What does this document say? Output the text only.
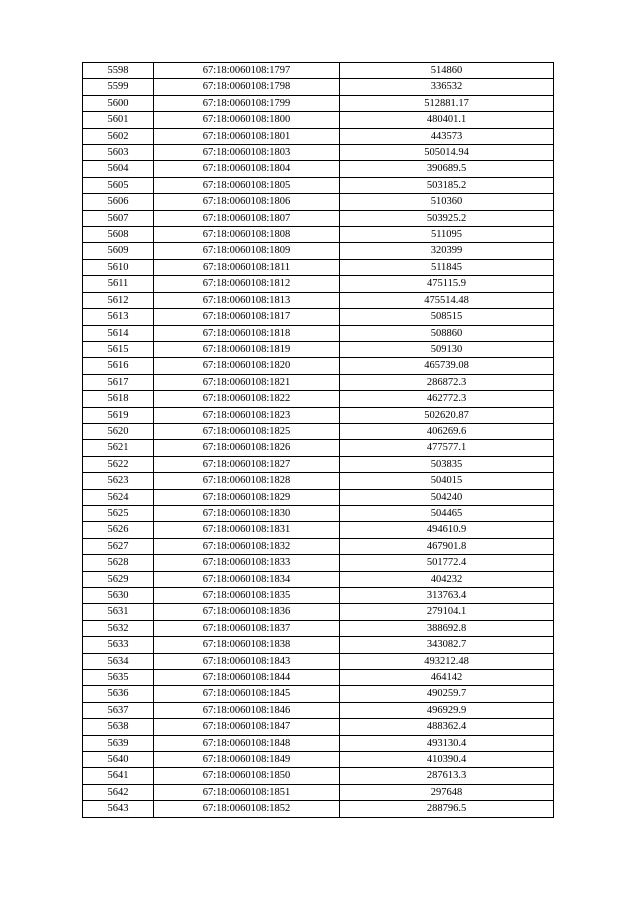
5598	67:18:0060108:1797	514860
5599	67:18:0060108:1798	336532
5600	67:18:0060108:1799	512881.17
5601	67:18:0060108:1800	480401.1
5602	67:18:0060108:1801	443573
5603	67:18:0060108:1803	505014.94
5604	67:18:0060108:1804	390689.5
5605	67:18:0060108:1805	503185.2
5606	67:18:0060108:1806	510360
5607	67:18:0060108:1807	503925.2
5608	67:18:0060108:1808	511095
5609	67:18:0060108:1809	320399
5610	67:18:0060108:1811	511845
5611	67:18:0060108:1812	475115.9
5612	67:18:0060108:1813	475514.48
5613	67:18:0060108:1817	508515
5614	67:18:0060108:1818	508860
5615	67:18:0060108:1819	509130
5616	67:18:0060108:1820	465739.08
5617	67:18:0060108:1821	286872.3
5618	67:18:0060108:1822	462772.3
5619	67:18:0060108:1823	502620.87
5620	67:18:0060108:1825	406269.6
5621	67:18:0060108:1826	477577.1
5622	67:18:0060108:1827	503835
5623	67:18:0060108:1828	504015
5624	67:18:0060108:1829	504240
5625	67:18:0060108:1830	504465
5626	67:18:0060108:1831	494610.9
5627	67:18:0060108:1832	467901.8
5628	67:18:0060108:1833	501772.4
5629	67:18:0060108:1834	404232
5630	67:18:0060108:1835	313763.4
5631	67:18:0060108:1836	279104.1
5632	67:18:0060108:1837	388692.8
5633	67:18:0060108:1838	343082.7
5634	67:18:0060108:1843	493212.48
5635	67:18:0060108:1844	464142
5636	67:18:0060108:1845	490259.7
5637	67:18:0060108:1846	496929.9
5638	67:18:0060108:1847	488362.4
5639	67:18:0060108:1848	493130.4
5640	67:18:0060108:1849	410390.4
5641	67:18:0060108:1850	287613.3
5642	67:18:0060108:1851	297648
5643	67:18:0060108:1852	288796.5
